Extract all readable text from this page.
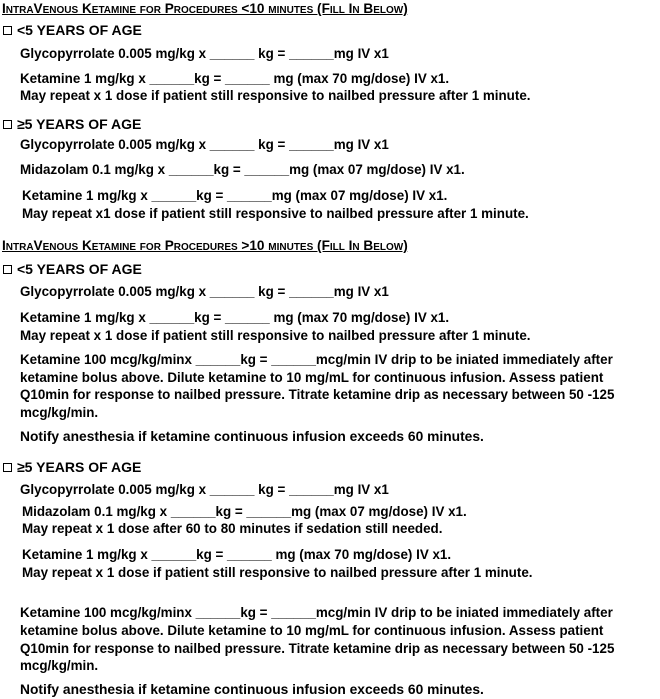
IntraVenous Ketamine for Procedures <10 minutes (Fill In Below)
<5 YEARS OF AGE
Glycopyrrolate 0.005 mg/kg x ______ kg = ______mg IV x1
Ketamine 1 mg/kg x ______kg = ______ mg (max 70 mg/dose) IV x1.
May repeat x 1 dose if patient still responsive to nailbed pressure after 1 minute.
≥5 YEARS OF AGE
Glycopyrrolate 0.005 mg/kg x ______ kg = ______mg IV x1
Midazolam 0.1 mg/kg x ______kg = ______mg (max 07 mg/dose) IV x1.
Ketamine 1 mg/kg x ______kg = ______mg (max 07 mg/dose) IV x1.
May repeat x1 dose if patient still responsive to nailbed pressure after 1 minute.
IntraVenous Ketamine for Procedures >10 minutes (Fill In Below)
<5 YEARS OF AGE
Glycopyrrolate 0.005 mg/kg x ______ kg = ______mg IV x1
Ketamine 1 mg/kg x ______kg = ______ mg (max 70 mg/dose) IV x1.
May repeat x 1 dose if patient still responsive to nailbed pressure after 1 minute.
Ketamine 100 mcg/kg/minx ______kg = ______mcg/min IV drip to be iniated immediately after
ketamine bolus above. Dilute ketamine to 10 mg/mL for continuous infusion. Assess patient
Q10min for response to nailbed pressure. Titrate ketamine drip as necessary between 50 -125
mcg/kg/min.
Notify anesthesia if ketamine continuous infusion exceeds 60 minutes.
≥5 YEARS OF AGE
Glycopyrrolate 0.005 mg/kg x ______ kg = ______mg IV x1
Midazolam 0.1 mg/kg x ______kg = ______mg (max 07 mg/dose) IV x1.
May repeat x 1 dose after 60 to 80 minutes if sedation still needed.
Ketamine 1 mg/kg x ______kg = ______ mg (max 70 mg/dose) IV x1.
May repeat x 1 dose if patient still responsive to nailbed pressure after 1 minute.
Ketamine 100 mcg/kg/minx ______kg = ______mcg/min IV drip to be iniated immediately after
ketamine bolus above. Dilute ketamine to 10 mg/mL for continuous infusion. Assess patient
Q10min for response to nailbed pressure. Titrate ketamine drip as necessary between 50 -125
mcg/kg/min.
Notify anesthesia if ketamine continuous infusion exceeds 60 minutes.
